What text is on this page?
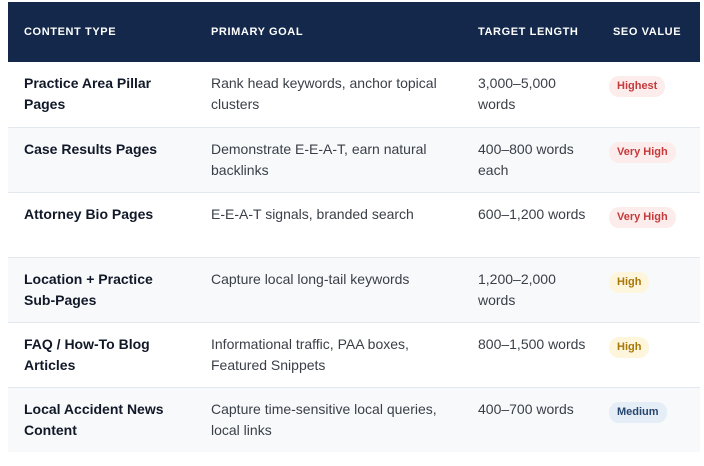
CONTENT TYPE	PRIMARY GOAL	TARGET LENGTH	SEO VALUE
Practice Area Pillar Pages	Rank head keywords, anchor topical clusters	3,000–5,000 words	Highest
Case Results Pages	Demonstrate E-E-A-T, earn natural backlinks	400–800 words each	Very High
Attorney Bio Pages	E-E-A-T signals, branded search	600–1,200 words	Very High
Location + Practice Sub-Pages	Capture local long-tail keywords	1,200–2,000 words	High
FAQ / How-To Blog Articles	Informational traffic, PAA boxes, Featured Snippets	800–1,500 words	High
Local Accident News Content	Capture time-sensitive local queries, local links	400–700 words	Medium
